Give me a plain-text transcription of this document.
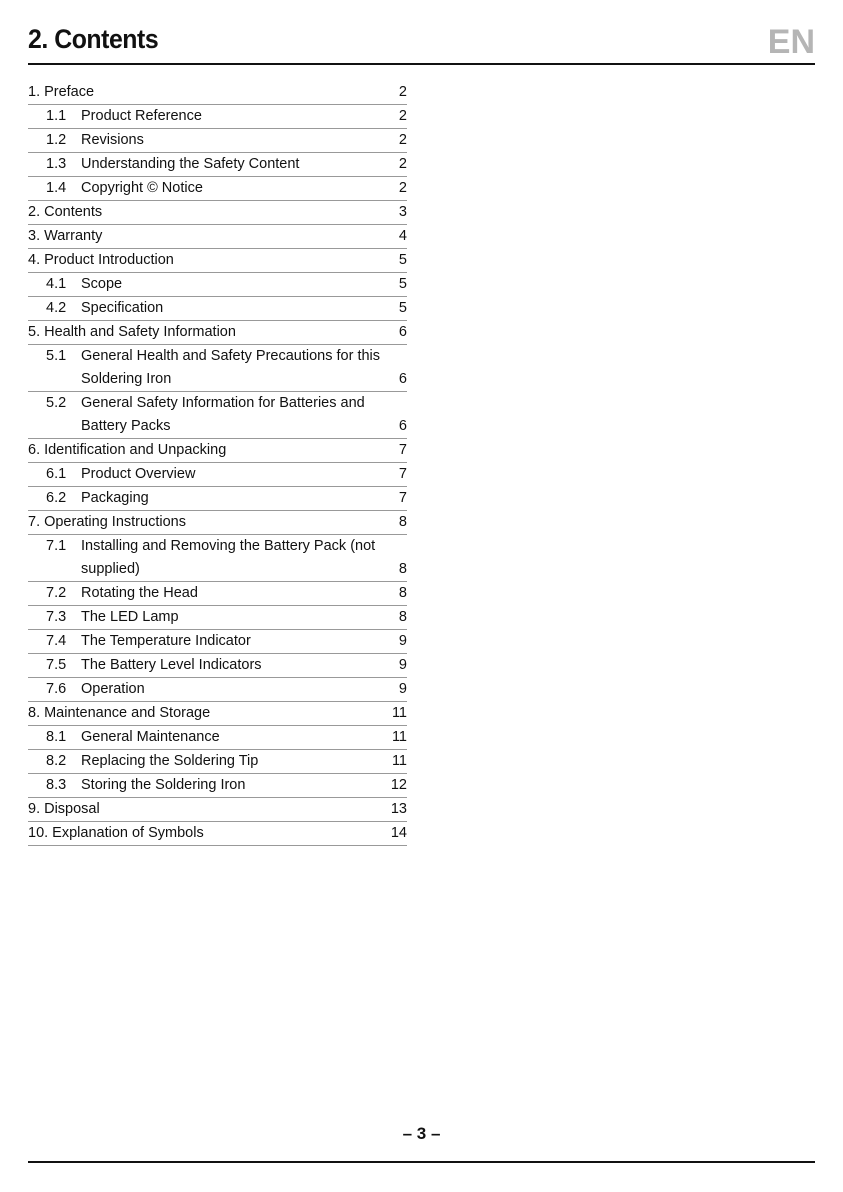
2. Contents	EN
1. Preface	2
1.1	Product Reference	2
1.2	Revisions	2
1.3	Understanding the Safety Content	2
1.4	Copyright © Notice	2
2. Contents	3
3. Warranty	4
4. Product Introduction	5
4.1	Scope	5
4.2	Specification	5
5. Health and Safety Information	6
5.1	General Health and Safety Precautions for this Soldering Iron	6
5.2	General Safety Information for Batteries and Battery Packs	6
6. Identification and Unpacking	7
6.1	Product Overview	7
6.2	Packaging	7
7. Operating Instructions	8
7.1	Installing and Removing the Battery Pack (not supplied)	8
7.2	Rotating the Head	8
7.3	The LED Lamp	8
7.4	The Temperature Indicator	9
7.5	The Battery Level Indicators	9
7.6	Operation	9
8. Maintenance and Storage	11
8.1	General Maintenance	11
8.2	Replacing the Soldering Tip	11
8.3	Storing the Soldering Iron	12
9. Disposal	13
10. Explanation of Symbols	14
– 3 –
